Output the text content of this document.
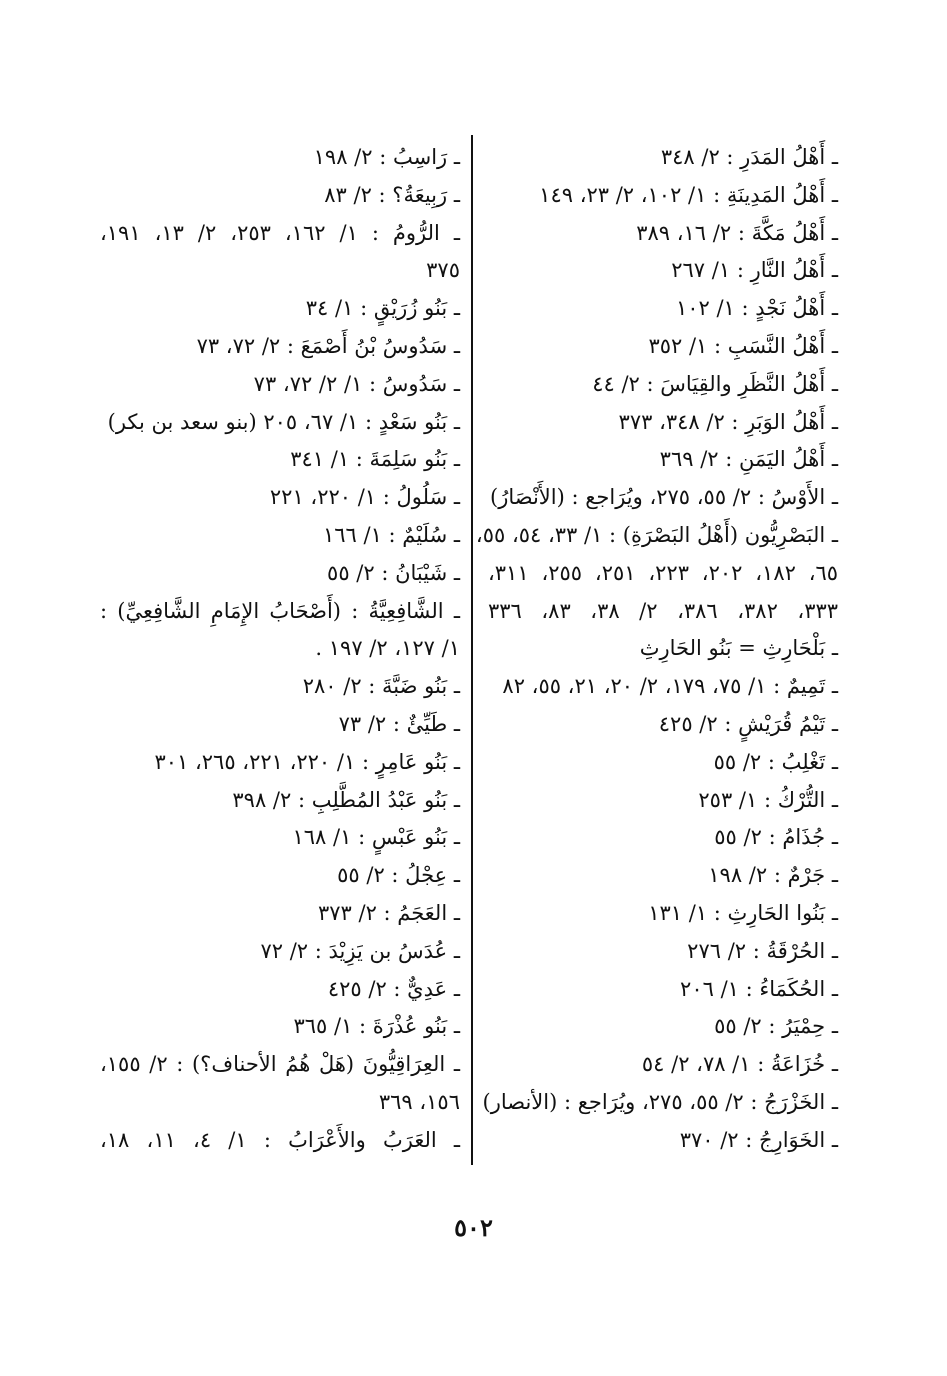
ـ أَهْلُ المَدَرِ : ٢/ ٣٤٨
ـ أَهْلُ المَدِينَةِ : ١/ ١٠٢، ٢/ ٢٣، ١٤٩
ـ أَهْلُ مَكَّةَ : ٢/ ١٦، ٣٨٩
ـ أَهْلُ النَّارِ : ١/ ٢٦٧
ـ أَهْلُ نَجْدٍ : ١/ ١٠٢
ـ أَهْلُ النَّسَبِ : ١/ ٣٥٢
ـ أَهْلُ النَّظَرِ والقِيَاسَ : ٢/ ٤٤
ـ أَهْلُ الوَبَرِ : ٢/ ٣٤٨، ٣٧٣
ـ أَهْلُ اليَمَنِ : ٢/ ٣٦٩
ـ الأَوْسُ : ٢/ ٥٥، ٢٧٥، ويُرَاجع : (الأَنْصَارُ)
ـ البَصْرِيُّون (أَهْلُ البَصْرَةِ) : ١/ ٣٣، ٥٤، ٥٥،
٦٥، ١٨٢، ٢٠٢، ٢٢٣، ٢٥١، ٢٥٥، ٣١١،
٣٣٣، ٣٨٢، ٣٨٦، ٢/ ٣٨، ٨٣، ٣٣٦
ـ بَلْحَارِثِ = بَنُو الحَارِثِ
ـ تَمِيمٌ : ١/ ٧٥، ١٧٩، ٢/ ٢٠، ٢١، ٥٥، ٨٢
ـ تَيْمُ قُرَيْشٍ : ٢/ ٤٢٥
ـ تَغْلِبُ : ٢/ ٥٥
ـ التُّرْكُ : ١/ ٢٥٣
ـ جُذَامُ : ٢/ ٥٥
ـ جَرْمٌ : ٢/ ١٩٨
ـ بَنُوا الحَارِثِ : ١/ ١٣١
ـ الحُرْقَةُ : ٢/ ٢٧٦
ـ الحُكَمَاءُ : ١/ ٢٠٦
ـ حِمْيَرُ : ٢/ ٥٥
ـ خُزَاعَةُ : ١/ ٧٨، ٢/ ٥٤
ـ الخَزْرَجُ : ٢/ ٥٥، ٢٧٥، ويُرَاجع : (الأنصار)
ـ الخَوَارِجُ : ٢/ ٣٧٠
ـ رَاسِبُ : ٢/ ١٩٨
ـ رَبِيعَةُ؟ : ٢/ ٨٣
ـ الرُّومُ : ١/ ١٦٢، ٢٥٣، ٢/ ١٣، ١٩١،
٣٧٥
ـ بَنُو زُرَيْقٍ : ١/ ٣٤
ـ سَدُوسُ بْنُ أَصْمَعَ : ٢/ ٧٢، ٧٣
ـ سَدُوسُ : ١/ ٢/ ٧٢، ٧٣
ـ بَنُو سَعْدٍ : ١/ ٦٧، ٢٠٥ (بنو سعد بن بكر)
ـ بَنُو سَلِمَةَ : ١/ ٣٤١
ـ سَلُولُ : ١/ ٢٢٠، ٢٢١
ـ سُلَيْمٌ : ١/ ١٦٦
ـ شَيْبَانُ : ٢/ ٥٥
ـ الشَّافِعِيَّةُ : (أَصْحَابُ الإِمَامِ الشَّافِعِيِّ) :
١/ ١٢٧، ٢/ ١٩٧ .
ـ بَنُو ضَبَّةَ : ٢/ ٢٨٠
ـ طَيِّئٌ : ٢/ ٧٣
ـ بَنُو عَامِرٍ : ١/ ٢٢٠، ٢٢١، ٢٦٥، ٣٠١
ـ بَنُو عَبْدُ المُطَّلِبِ : ٢/ ٣٩٨
ـ بَنُو عَبْسٍ : ١/ ١٦٨
ـ عِجْلُ : ٢/ ٥٥
ـ العَجَمُ : ٢/ ٣٧٣
ـ عُدَسُ بن يَزِيْدَ : ٢/ ٧٢
ـ عَدِيٌّ : ٢/ ٤٢٥
ـ بَنُو عُذْرَةَ : ١/ ٣٦٥
ـ العِرَاقِيُّونَ (هَلْ هُمُ الأحناف؟) : ٢/ ١٥٥،
١٥٦، ٣٦٩
ـ العَرَبُ والأَعْرَابُ : ١/ ٤، ١١، ١٨،
٥٠٢
